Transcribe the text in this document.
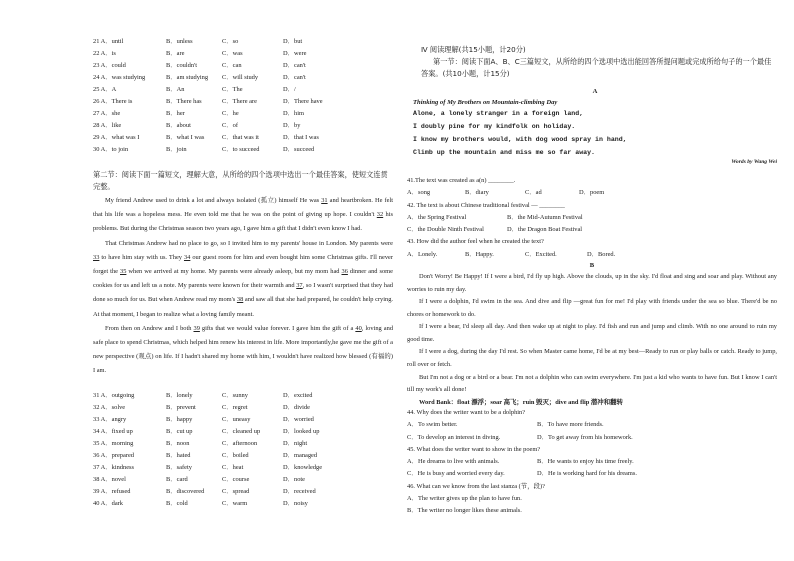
21 A．until	B．unless	C．so	D．but
22 A．is	B．are	C．was	D．were
23 A．could	B．couldn't	C．can	D．can't
24 A．was studying	B．am studying C．will study	D．can't
25 A．A	B．An	C．The	D．/
26 A．There is	B．There has	C．There are	D．There have
27 A．she	B．her	C．he	D．him
28 A．like	B．about	C．of	D．by
29 A．what was I	B．what I was	C．that was it	D．that I was
30 A．to join	B．join	C．to succeed	D．succeed

第二节：阅读下面一篇短文，理解大意，从所给的四个选项中选出一个最佳答案，使短文连贯完整。

My friend Andrew used to drink a lot and always isolated (孤立) himself He was 31 and heartbroken. He felt that his life was a hopeless mess. He even told me that he was on the point of giving up hope. I couldn't 32 his problems. But during the Christmas season two years ago, I gave him a gift that I didn't even know I had.

That Christmas Andrew had no place to go, so I invited him to my parents' house in London. My parents were 33 to have him stay with us. They 34 our guest room for him and even bought him some Christmas gifts. I'll never forget the 35 when we arrived at my home. My parents were already asleep, but my mom had 36 dinner and some cookies for us and left us a note. My parents were known for their warmth and 37, so I wasn't surprised that they had done so much for us. But when Andrew read my mom's 38 and saw all that she had prepared, he couldn't help crying. At that moment, I began to realize what a loving family meant.

From then on Andrew and I both 39 gifts that we would value forever. I gave him the gift of a 40, loving and safe place to spend Christmas, which helped him renew his interest in life. More importantly,he gave me the gift of a new perspective (观点) on life. If I hadn't shared my home with him, I wouldn't have realized how blessed (有福的) I am.

31 A．outgoing	B．lonely	C．sunny	D．excited
32 A．solve	B．prevent	C．regret	D．divide
33 A．angry	B．happy	C．uneasy	D．worried
34 A．fixed up	B．cut up	C．cleaned up	D．looked up
35 A．morning	B．noon	C．afternoon	D．night
36 A．prepared	B．hated	C．boiled	D．managed
37 A．kindness	B．safety	C．heat	D．knowledge
38 A．novel	B．card	C．course	D．note
39 A．refused	B．discovered	C．spread	D．received
40 A．dark	B．cold	C．warm	D．noisy

Ⅳ 阅读理解(共15小题，计20分)

第一节：阅读下面A、B、C三篇短文，从所给的四个选项中选出能回答所提问题或完成所给句子的一个最佳答案。(共10小题，计15分)

A

Thinking of My Brothers on Mountain-climbing Day

Alone, a lonely stranger in a foreign land,

I doubly pine for my kindfolk on holiday.

I know my brothers would, with dog wood spray in hand,

Climb up the mountain and miss me so far away.

Words by Wang Wei

41.The text was created as a(n) ________.

A．song	B．diary	C．ad	D．poem

42. The text is about Chinese traditional festival — ________

A．the Spring Festival	B．the Mid-Autumn Festival
C．the Double Ninth Festival	D．the Dragon Boat Festival

43. How did the author feel when he created the text?

A．Lonely.	B．Happy.	C．Excited.	D．Bored.

B

Don't Worry! Be Happy! If I were a bird, I'd fly up high. Above the clouds, up in the sky. I'd float and sing and soar and play. Without any worries to ruin my day.

If I were a dolphin, I'd swim in the sea. And dive and flip —great fun for me! I'd play with friends under the sea so blue. There'd be no chores or homework to do.

If I were a bear, I'd sleep all day. And then wake up at night to play. I'd fish and run and jump and climb. With no one around to ruin my good time.

If I were a dog, during the day I'd rest. So when Master came home, I'd be at my best—Ready to run or play balls or catch. Ready to jump, roll over or fetch.

But I'm not a dog or a bird or a bear. I'm not a dolphin who can swim everywhere. I'm just a kid who wants to have fun. But I know I can't till my work's all done!

Word Bank：float 漂浮；soar 高飞；ruin 毁灭；dive and flip 潜冲和翻转

44. Why does the writer want to be a dolphin?

A．To swim better.	B．To have more friends.
C．To develop an interest in diving.	D．To get away from his homework.

45. What does the writer want to show in the poem?

A．He dreams to live with animals.	B．He wants to enjoy his time freely.
C．He is busy and worried every day.	D．He is working hard for his dreams.

46. What can we know from the last stanza (节，段)?

A．The writer gives up the plan to have fun.

B．The writer no longer likes these animals.
